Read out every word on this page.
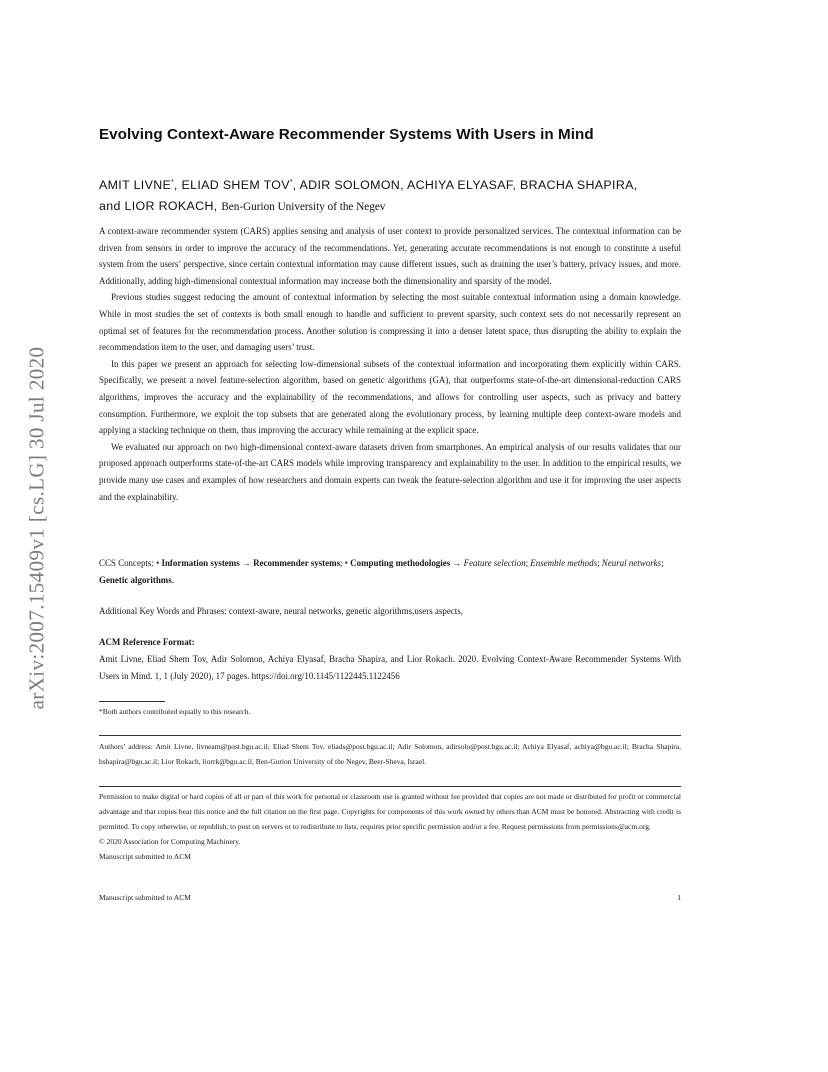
arXiv:2007.15409v1 [cs.LG] 30 Jul 2020
Evolving Context-Aware Recommender Systems With Users in Mind
AMIT LIVNE*, ELIAD SHEM TOV*, ADIR SOLOMON, ACHIYA ELYASAF, BRACHA SHAPIRA,
and LIOR ROKACH, Ben-Gurion University of the Negev

A context-aware recommender system (CARS) applies sensing and analysis of user context to provide personalized services. The contextual information can be driven from sensors in order to improve the accuracy of the recommendations. Yet, generating accurate recommendations is not enough to constitute a useful system from the users’ perspective, since certain contextual information may cause different issues, such as draining the user’s battery, privacy issues, and more. Additionally, adding high-dimensional contextual information may increase both the dimensionality and sparsity of the model.

Previous studies suggest reducing the amount of contextual information by selecting the most suitable contextual information using a domain knowledge. While in most studies the set of contexts is both small enough to handle and sufficient to prevent sparsity, such context sets do not necessarily represent an optimal set of features for the recommendation process. Another solution is compressing it into a denser latent space, thus disrupting the ability to explain the recommendation item to the user, and damaging users’ trust.

In this paper we present an approach for selecting low-dimensional subsets of the contextual information and incorporating them explicitly within CARS. Specifically, we present a novel feature-selection algorithm, based on genetic algorithms (GA), that outperforms state-of-the-art dimensional-reduction CARS algorithms, improves the accuracy and the explainability of the recommendations, and allows for controlling user aspects, such as privacy and battery consumption. Furthermore, we exploit the top subsets that are generated along the evolutionary process, by learning multiple deep context-aware models and applying a stacking technique on them, thus improving the accuracy while remaining at the explicit space.

We evaluated our approach on two high-dimensional context-aware datasets driven from smartphones. An empirical analysis of our results validates that our proposed approach outperforms state-of-the-art CARS models while improving transparency and explainability to the user. In addition to the empirical results, we provide many use cases and examples of how researchers and domain experts can tweak the feature-selection algorithm and use it for improving the user aspects and the explainability.

CCS Concepts: • Information systems → Recommender systems; • Computing methodologies → Feature selection; Ensemble methods; Neural networks; Genetic algorithms.
Additional Key Words and Phrases: context-aware, neural networks, genetic algorithms,users aspects,
ACM Reference Format:
Amit Livne, Eliad Shem Tov, Adir Solomon, Achiya Elyasaf, Bracha Shapira, and Lior Rokach. 2020. Evolving Context-Aware Recommender Systems With Users in Mind. 1, 1 (July 2020), 17 pages. https://doi.org/10.1145/1122445.1122456
*Both authors contributed equally to this research.
Authors’ address: Amit Livne, livneam@post.bgu.ac.il; Eliad Shem Tov, eliads@post.bgu.ac.il; Adir Solomon, adirsolo@post.bgu.ac.il; Achiya Elyasaf, achiya@bgu.ac.il; Bracha Shapira, bshapira@bgu.ac.il; Lior Rokach, liorrk@bgu.ac.il, Ben-Gurion University of the Negev, Beer-Sheva, Israel.

Permission to make digital or hard copies of all or part of this work for personal or classroom use is granted without fee provided that copies are not made or distributed for profit or commercial advantage and that copies bear this notice and the full citation on the first page. Copyrights for components of this work owned by others than ACM must be honored. Abstracting with credit is permitted. To copy otherwise, or republish, to post on servers or to redistribute to lists, requires prior specific permission and/or a fee. Request permissions from permissions@acm.org.

© 2020 Association for Computing Machinery.

Manuscript submitted to ACM

Manuscript submitted to ACM	1
